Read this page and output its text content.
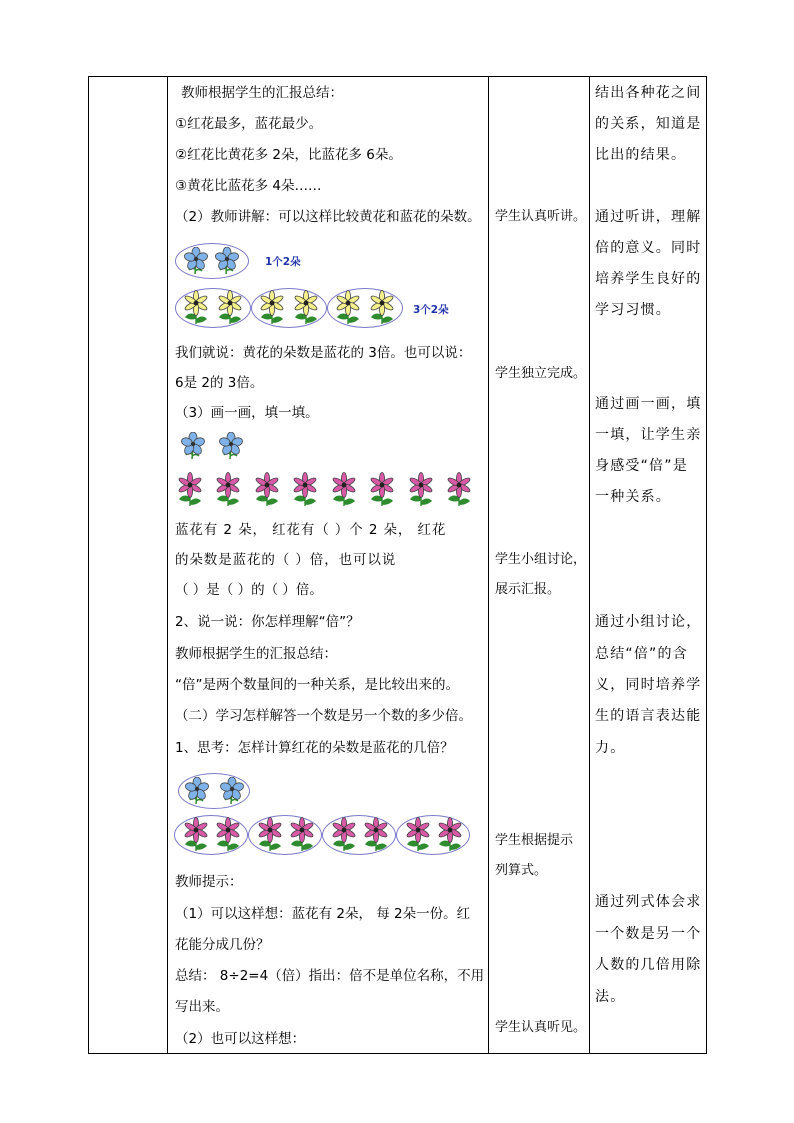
教师根据学生的汇报总结：
①红花最多，蓝花最少。
②红花比黄花多 2朵，比蓝花多 6朵。
③黄花比蓝花多 4朵……
（2）教师讲解：可以这样比较黄花和蓝花的朵数。
1个2朵
3个2朵
我们就说：黄花的朵数是蓝花的 3倍。也可以说：
6是 2的 3倍。
（3）画一画，填一填。
蓝花有 2 朵， 红花有（ ）个 2 朵， 红花
的朵数是蓝花的（ ）倍，也可以说
（ ）是（ ）的（ ）倍。
2、说一说：你怎样理解“倍”？
教师根据学生的汇报总结：
“倍”是两个数量间的一种关系，是比较出来的。
（二）学习怎样解答一个数是另一个数的多少倍。
1、思考：怎样计算红花的朵数是蓝花的几倍？
教师提示：
（1）可以这样想：蓝花有 2朵， 每 2朵一份。红
花能分成几份？
总结： 8÷2=4（倍）指出：倍不是单位名称，不用
写出来。
（2）也可以这样想：
学生认真听讲。
学生独立完成。
学生小组讨论，
展示汇报。
学生根据提示
列算式。
学生认真听见。
结出各种花之间
的关系，知道是
比出的结果。
通过听讲，理解
倍的意义。同时
培养学生良好的
学习习惯。
通过画一画，填
一填，让学生亲
身感受“倍”是
一种关系。
通过小组讨论，
总结“倍”的含
义，同时培养学
生的语言表达能
力。
通过列式体会求
一个数是另一个
人数的几倍用除
法。
